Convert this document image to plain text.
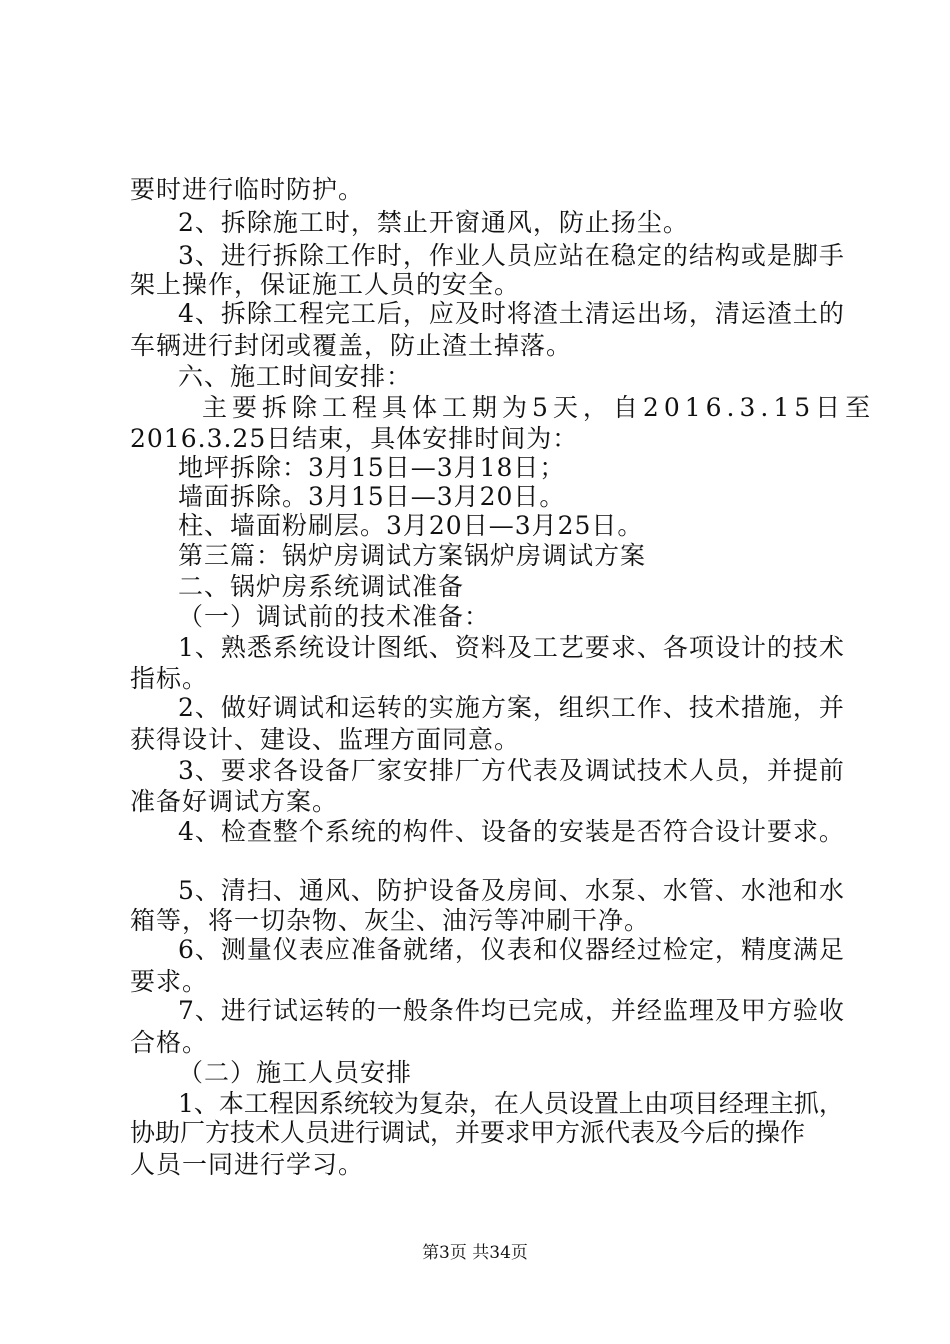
要时进行临时防护。
2、拆除施工时，禁止开窗通风，防止扬尘。
3、进行拆除工作时，作业人员应站在稳定的结构或是脚手
架上操作，保证施工人员的安全。
4、拆除工程完工后，应及时将渣土清运出场，清运渣土的
车辆进行封闭或覆盖，防止渣土掉落。
六、施工时间安排：
主要拆除工程具体工期为5天，自2016.3.15日至
2016.3.25日结束，具体安排时间为：
地坪拆除：3月15日—3月18日；
墙面拆除。3月15日—3月20日。
柱、墙面粉刷层。3月20日—3月25日。
第三篇：锅炉房调试方案锅炉房调试方案
二、锅炉房系统调试准备
（一）调试前的技术准备：
1、熟悉系统设计图纸、资料及工艺要求、各项设计的技术
指标。
2、做好调试和运转的实施方案，组织工作、技术措施，并
获得设计、建设、监理方面同意。
3、要求各设备厂家安排厂方代表及调试技术人员，并提前
准备好调试方案。
4、检查整个系统的构件、设备的安装是否符合设计要求。
5、清扫、通风、防护设备及房间、水泵、水管、水池和水
箱等，将一切杂物、灰尘、油污等冲刷干净。
6、测量仪表应准备就绪，仪表和仪器经过检定，精度满足
要求。
7、进行试运转的一般条件均已完成，并经监理及甲方验收
合格。
（二）施工人员安排
1、本工程因系统较为复杂，在人员设置上由项目经理主抓，
协助厂方技术人员进行调试，并要求甲方派代表及今后的操作
人员一同进行学习。
第3页 共34页
